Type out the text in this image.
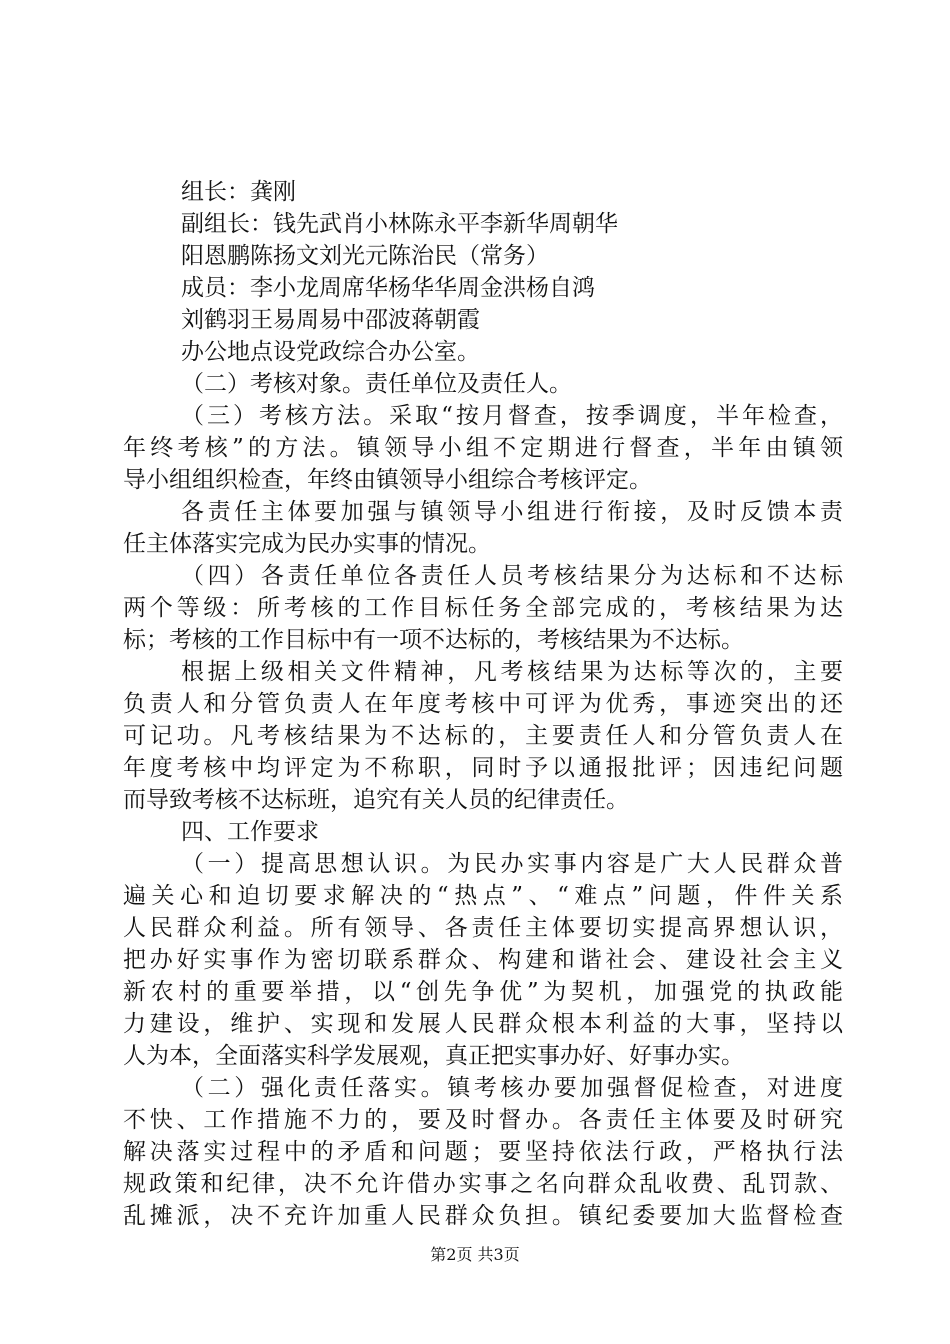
组长：龚刚
副组长：钱先武肖小林陈永平李新华周朝华
阳恩鹏陈扬文刘光元陈治民（常务）
成员：李小龙周席华杨华华周金洪杨自鸿
刘鹤羽王易周易中邵波蒋朝霞
办公地点设党政综合办公室。
（二）考核对象。责任单位及责任人。
（三）考核方法。采取“按月督查，按季调度，半年检查，
年终考核”的方法。镇领导小组不定期进行督查，半年由镇领
导小组组织检查，年终由镇领导小组综合考核评定。
各责任主体要加强与镇领导小组进行衔接，及时反馈本责
任主体落实完成为民办实事的情况。
（四）各责任单位各责任人员考核结果分为达标和不达标
两个等级：所考核的工作目标任务全部完成的，考核结果为达
标；考核的工作目标中有一项不达标的，考核结果为不达标。
根据上级相关文件精神，凡考核结果为达标等次的，主要
负责人和分管负责人在年度考核中可评为优秀，事迹突出的还
可记功。凡考核结果为不达标的，主要责任人和分管负责人在
年度考核中均评定为不称职，同时予以通报批评；因违纪问题
而导致考核不达标班，追究有关人员的纪律责任。
四、工作要求
（一）提高思想认识。为民办实事内容是广大人民群众普
遍关心和迫切要求解决的“热点”、“难点”问题，件件关系
人民群众利益。所有领导、各责任主体要切实提高界想认识，
把办好实事作为密切联系群众、构建和谐社会、建设社会主义
新农村的重要举措，以“创先争优”为契机，加强党的执政能
力建设，维护、实现和发展人民群众根本利益的大事，坚持以
人为本，全面落实科学发展观，真正把实事办好、好事办实。
（二）强化责任落实。镇考核办要加强督促检查，对进度
不快、工作措施不力的，要及时督办。各责任主体要及时研究
解决落实过程中的矛盾和问题；要坚持依法行政，严格执行法
规政策和纪律，决不允许借办实事之名向群众乱收费、乱罚款、
乱摊派，决不充许加重人民群众负担。镇纪委要加大监督检查
第2页 共3页
